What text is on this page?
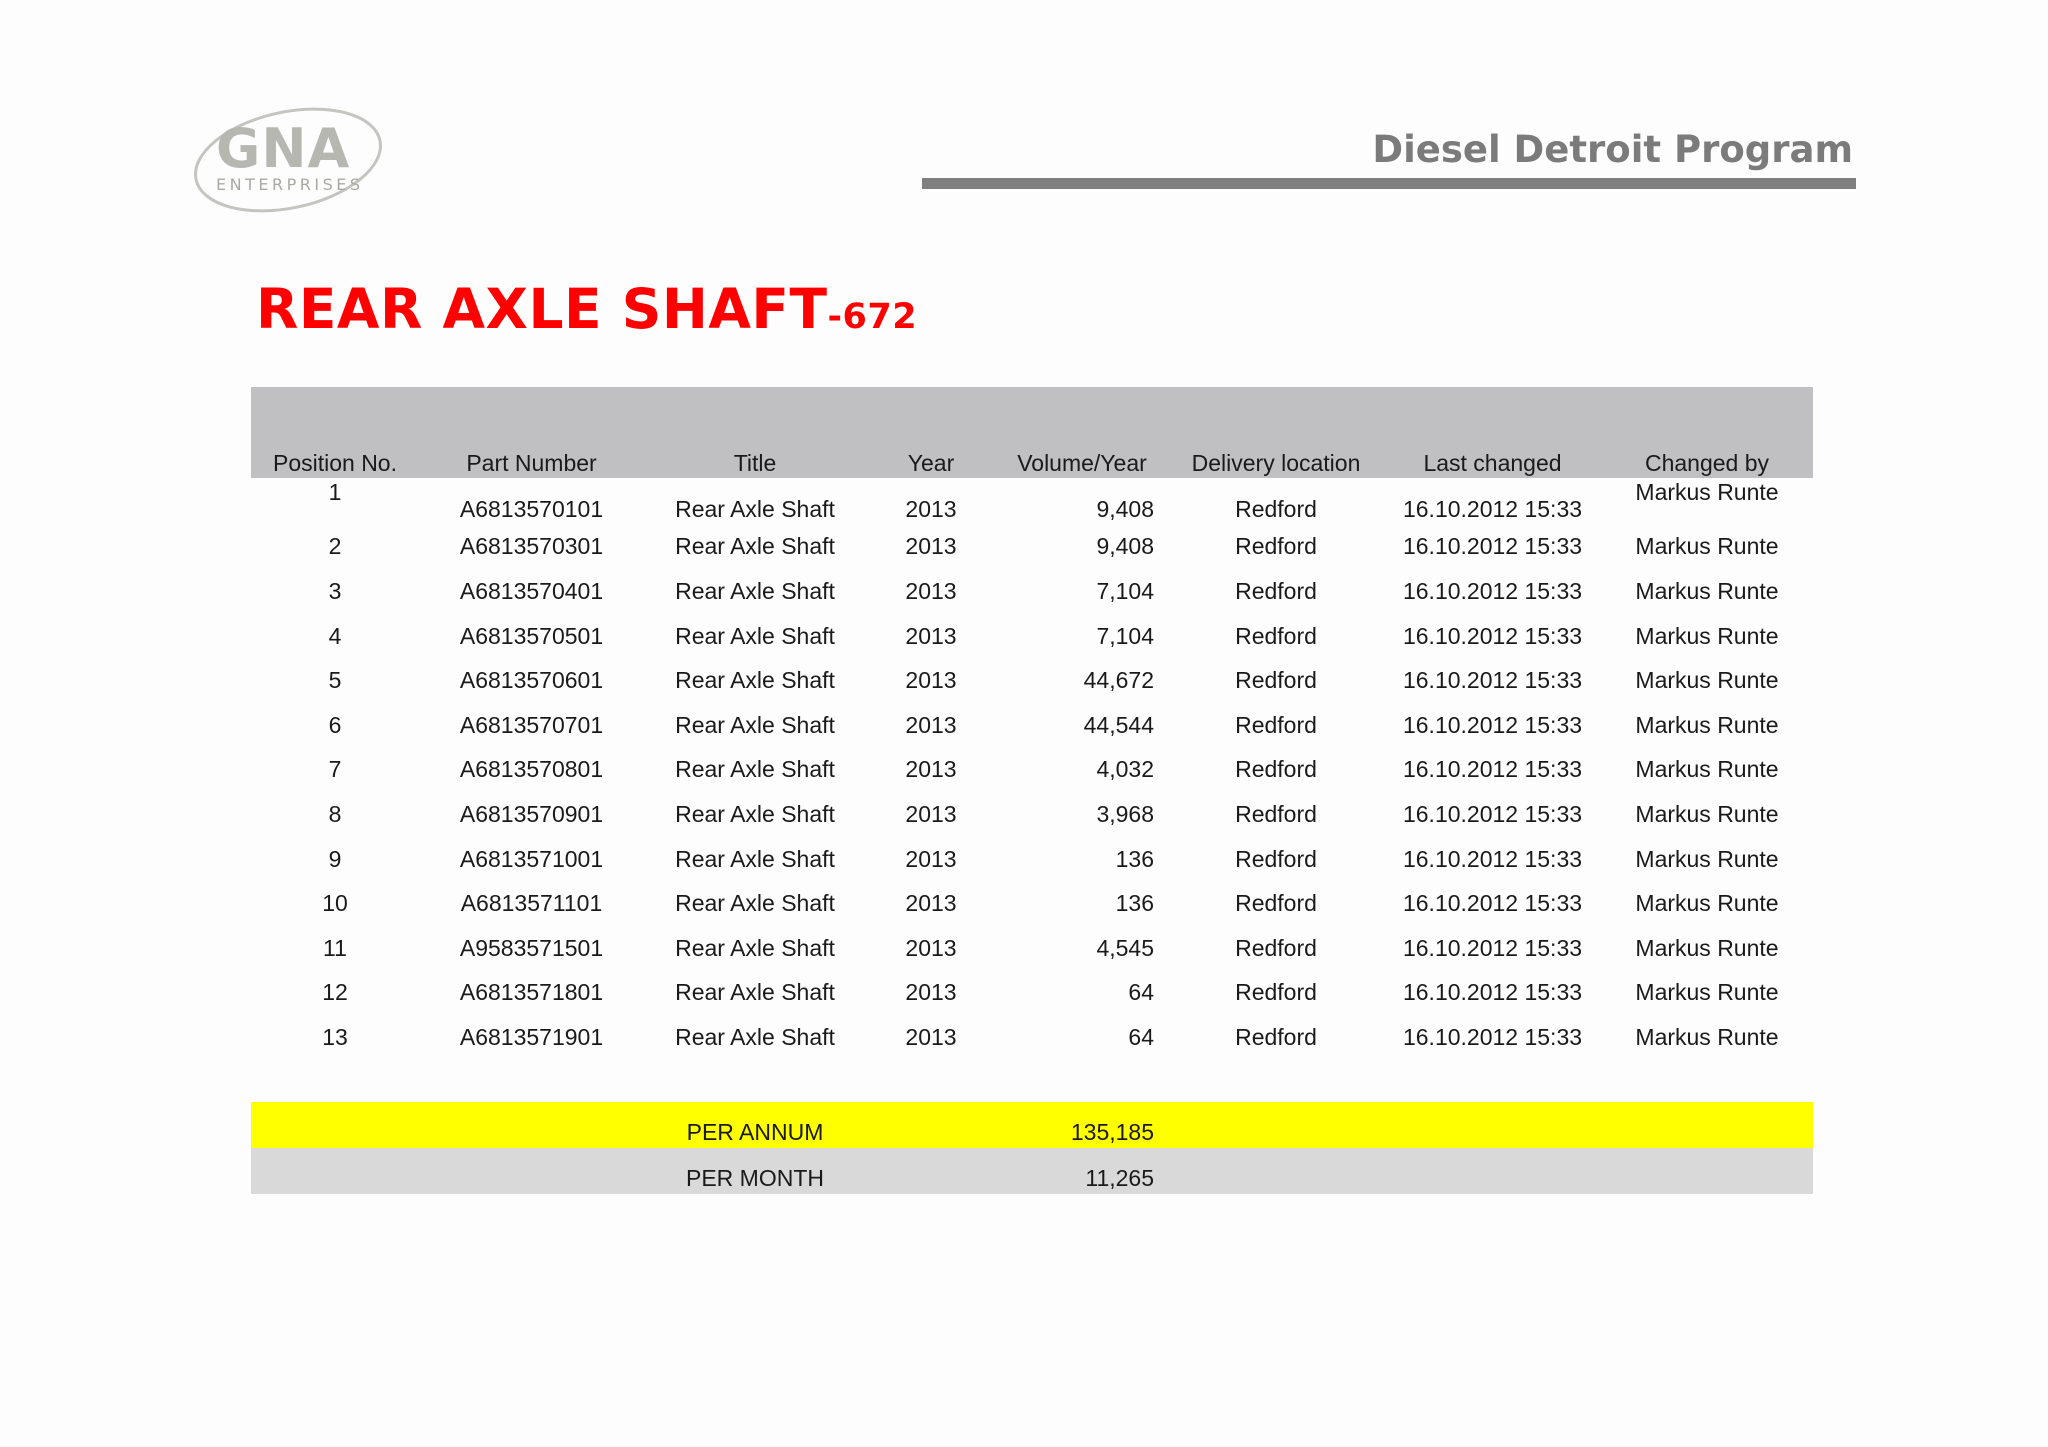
GNA
ENTERPRISES
Diesel Detroit Program
REAR AXLE SHAFT-672
Position No.	Part Number	Title	Year	Volume/Year	Delivery location	Last changed	Changed by
1	A6813570101	Rear Axle Shaft	2013	9,408	Redford	16.10.2012 15:33	Markus Runte
2	A6813570301	Rear Axle Shaft	2013	9,408	Redford	16.10.2012 15:33	Markus Runte
3	A6813570401	Rear Axle Shaft	2013	7,104	Redford	16.10.2012 15:33	Markus Runte
4	A6813570501	Rear Axle Shaft	2013	7,104	Redford	16.10.2012 15:33	Markus Runte
5	A6813570601	Rear Axle Shaft	2013	44,672	Redford	16.10.2012 15:33	Markus Runte
6	A6813570701	Rear Axle Shaft	2013	44,544	Redford	16.10.2012 15:33	Markus Runte
7	A6813570801	Rear Axle Shaft	2013	4,032	Redford	16.10.2012 15:33	Markus Runte
8	A6813570901	Rear Axle Shaft	2013	3,968	Redford	16.10.2012 15:33	Markus Runte
9	A6813571001	Rear Axle Shaft	2013	136	Redford	16.10.2012 15:33	Markus Runte
10	A6813571101	Rear Axle Shaft	2013	136	Redford	16.10.2012 15:33	Markus Runte
11	A9583571501	Rear Axle Shaft	2013	4,545	Redford	16.10.2012 15:33	Markus Runte
12	A6813571801	Rear Axle Shaft	2013	64	Redford	16.10.2012 15:33	Markus Runte
13	A6813571901	Rear Axle Shaft	2013	64	Redford	16.10.2012 15:33	Markus Runte
		PER ANNUM		135,185			
		PER MONTH		11,265			
